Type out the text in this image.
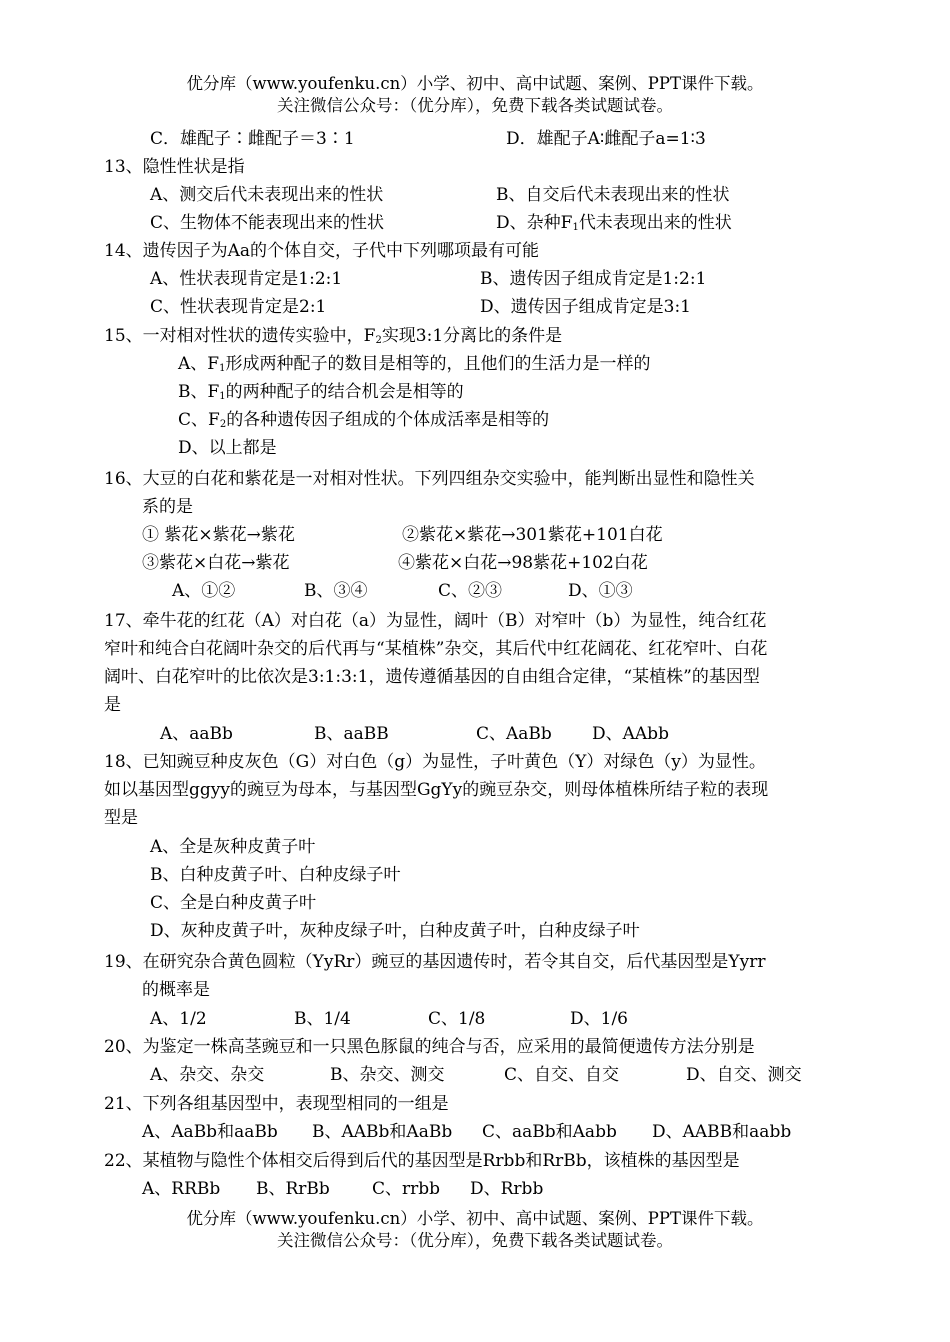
优分库（www.youfenku.cn）小学、初中、高中试题、案例、PPT课件下载。
关注微信公众号：（优分库），免费下载各类试题试卷。
C．雄配子∶雌配子＝3∶1	D．雄配子A∶雌配子a=1∶3
13、隐性性状是指
A、测交后代未表现出来的性状	B、自交后代未表现出来的性状
C、生物体不能表现出来的性状	D、杂种$F_1$代未表现出来的性状
14、遗传因子为Aa的个体自交，子代中下列哪项最有可能
A、性状表现肯定是1:2:1	B、遗传因子组成肯定是1:2:1
C、性状表现肯定是2:1	D、遗传因子组成肯定是3:1
15、一对相对性状的遗传实验中，$F_2$实现3:1分离比的条件是
A、$F_1$形成两种配子的数目是相等的，且他们的生活力是一样的
B、$F_1$的两种配子的结合机会是相等的
C、$F_2$的各种遗传因子组成的个体成活率是相等的
D、以上都是
16、大豆的白花和紫花是一对相对性状。下列四组杂交实验中，能判断出显性和隐性关
系的是
① 紫花×紫花→紫花	②紫花×紫花→301紫花+101白花
③紫花×白花→紫花	④紫花×白花→98紫花+102白花
A、①②	B、③④	C、②③	D、①③
17、牵牛花的红花（A）对白花（a）为显性，阔叶（B）对窄叶（b）为显性，纯合红花
窄叶和纯合白花阔叶杂交的后代再与“某植株”杂交，其后代中红花阔花、红花窄叶、白花
阔叶、白花窄叶的比依次是3:1:3:1，遗传遵循基因的自由组合定律，“某植株”的基因型
是
A、aaBb	B、aaBB	C、AaBb D、AAbb
18、已知豌豆种皮灰色（G）对白色（g）为显性，子叶黄色（Y）对绿色（y）为显性。
如以基因型ggyy的豌豆为母本，与基因型GgYy的豌豆杂交，则母体植株所结子粒的表现
型是
A、全是灰种皮黄子叶
B、白种皮黄子叶、白种皮绿子叶
C、全是白种皮黄子叶
D、灰种皮黄子叶，灰种皮绿子叶，白种皮黄子叶，白种皮绿子叶
19、在研究杂合黄色圆粒（YyRr）豌豆的基因遗传时，若令其自交，后代基因型是Yyrr
的概率是
A、1/2	B、1/4	C、1/8	D、1/6
20、为鉴定一株高茎豌豆和一只黑色豚鼠的纯合与否，应采用的最简便遗传方法分别是
A、杂交、杂交	B、杂交、测交	C、自交、自交	D、自交、测交
21、下列各组基因型中，表现型相同的一组是
A、AaBb和aaBb B、AABb和AaBb C、aaBb和Aabb D、AABB和aabb
22、某植物与隐性个体相交后得到后代的基因型是Rrbb和RrBb，该植株的基因型是
A、RRBb B、RrBb C、rrbb D、Rrbb
优分库（www.youfenku.cn）小学、初中、高中试题、案例、PPT课件下载。
关注微信公众号：（优分库），免费下载各类试题试卷。
